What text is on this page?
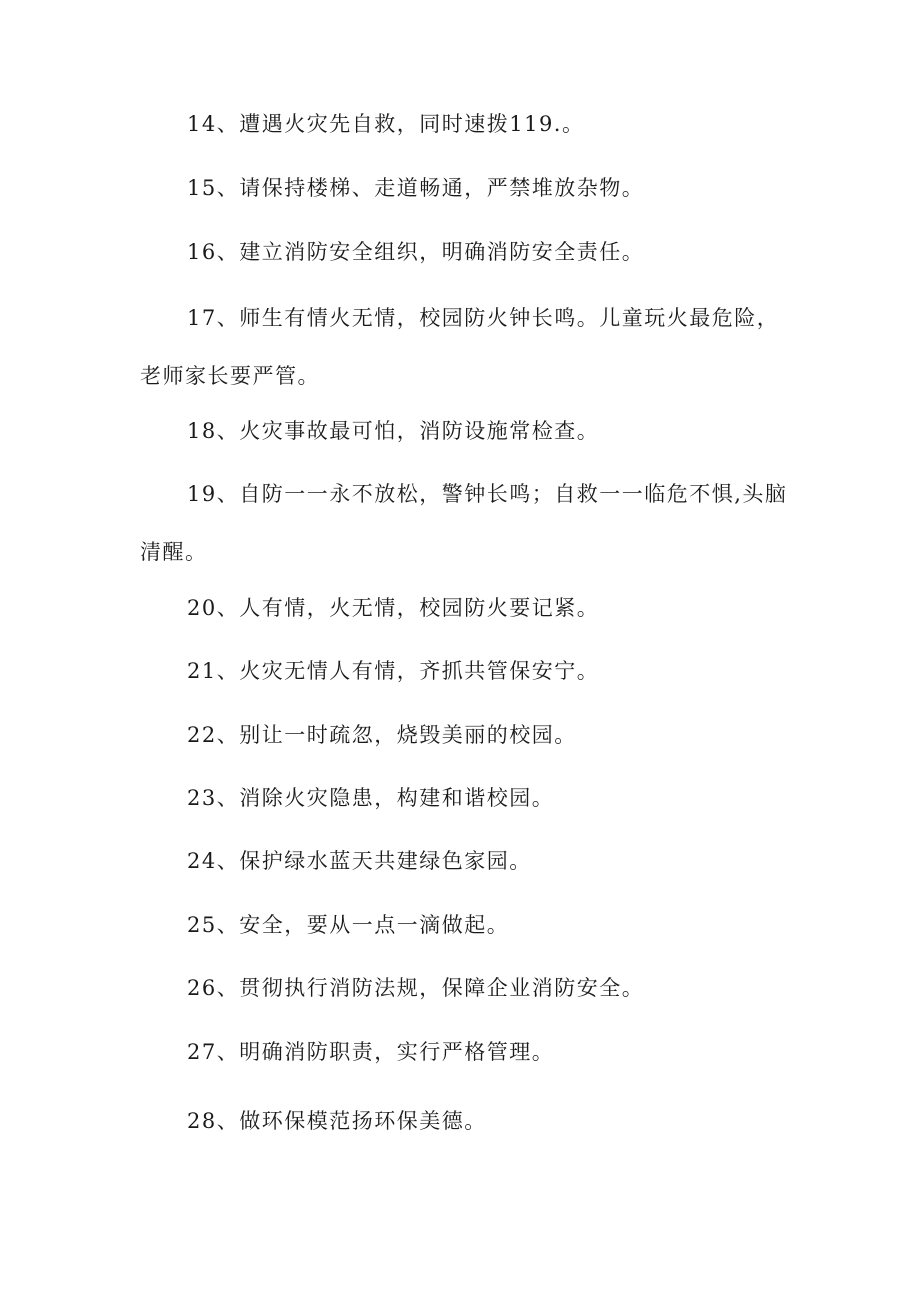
14、遭遇火灾先自救，同时速拨119.。

15、请保持楼梯、走道畅通，严禁堆放杂物。

16、建立消防安全组织，明确消防安全责任。

17、师生有情火无情，校园防火钟长鸣。儿童玩火最危险，老师家长要严管。

18、火灾事故最可怕，消防设施常检查。

19、自防一一永不放松，警钟长鸣；自救一一临危不惧,头脑清醒。

20、人有情，火无情，校园防火要记紧。

21、火灾无情人有情，齐抓共管保安宁。

22、别让一时疏忽，烧毁美丽的校园。

23、消除火灾隐患，构建和谐校园。

24、保护绿水蓝天共建绿色家园。

25、安全，要从一点一滴做起。

26、贯彻执行消防法规，保障企业消防安全。

27、明确消防职责，实行严格管理。

28、做环保模范扬环保美德。
